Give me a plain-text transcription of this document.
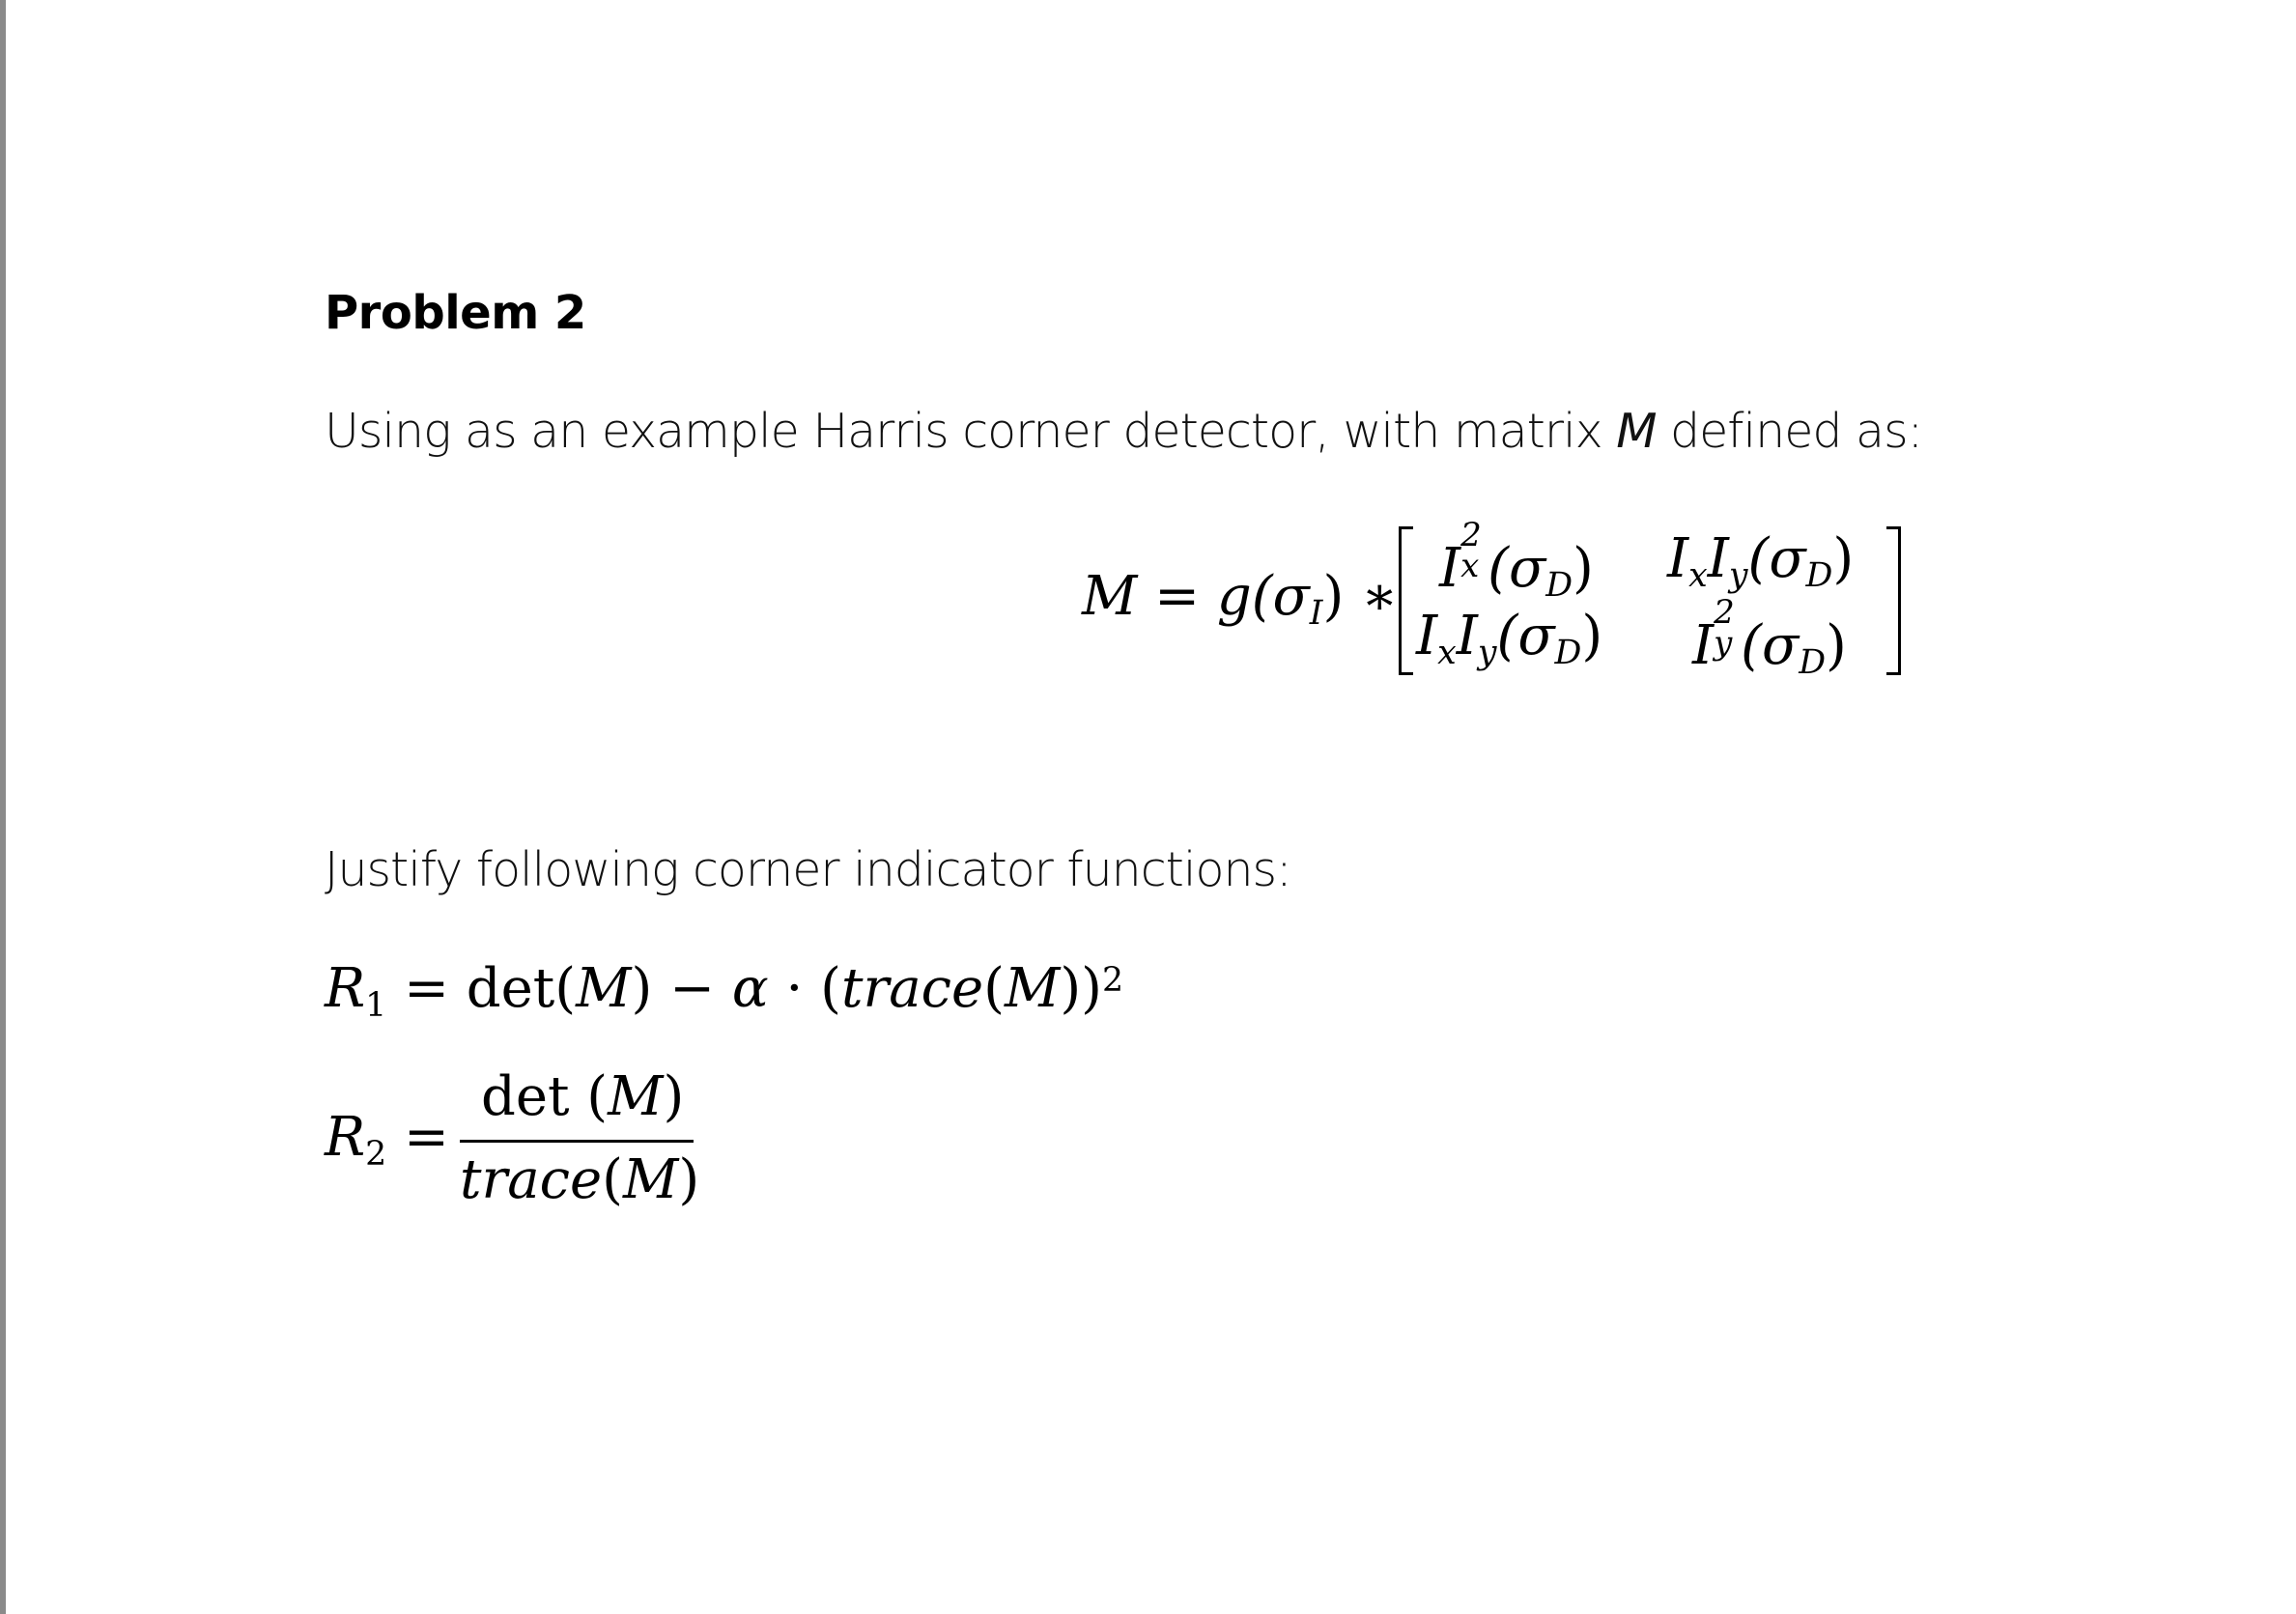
Problem 2
Using as an example Harris corner detector, with matrix M defined as:
M = g(σI) ∗ I
2
x (σD) IxIy(σD)
IxIy(σD) I
2
y (σD)
Justify following corner indicator functions:
R1 = det(M) − α · (trace(M))$^2$
R2 =
det (M)
trace(M)
